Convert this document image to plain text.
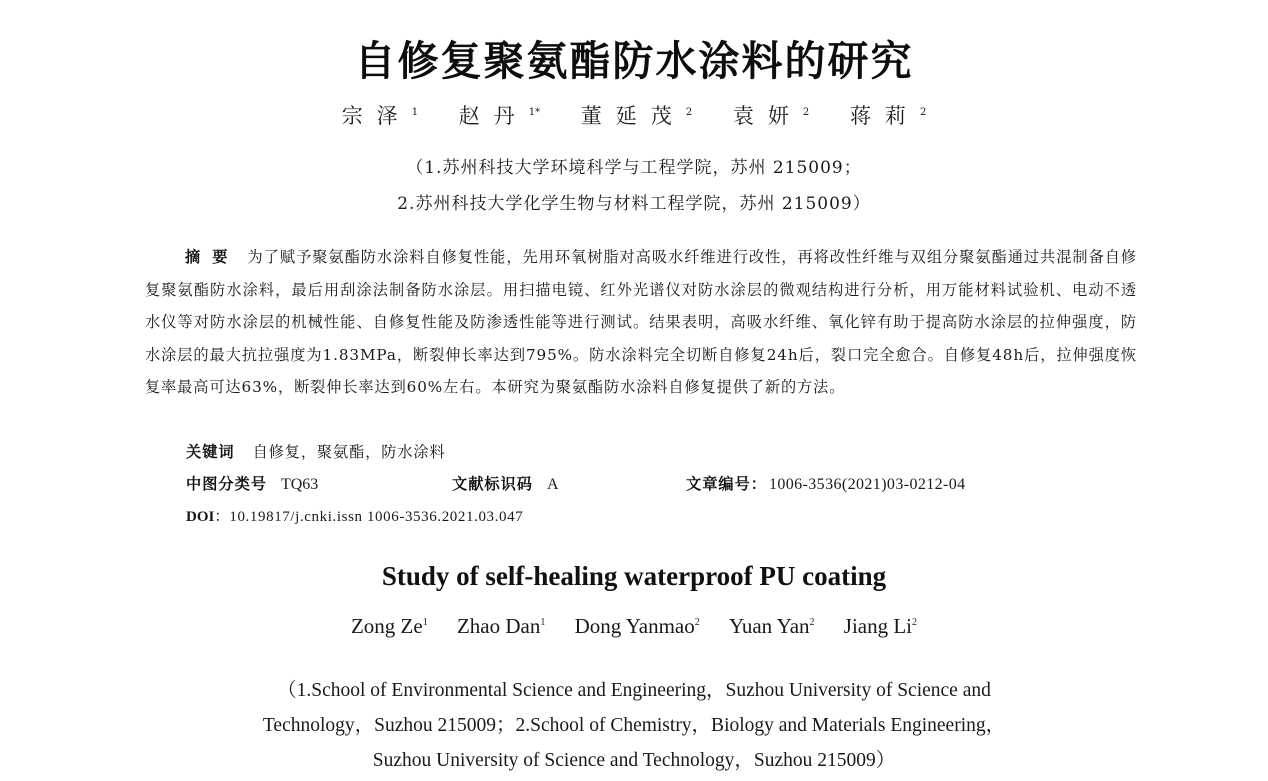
自修复聚氨酯防水涂料的研究
宗泽$^1$ 赵丹$^{1*}$ 董延茂$^2$ 袁妍$^2$ 蒋莉$^2$
（1.苏州科技大学环境科学与工程学院，苏州 215009；
2.苏州科技大学化学生物与材料工程学院，苏州 215009）

摘要 为了赋予聚氨酯防水涂料自修复性能，先用环氧树脂对高吸水纤维进行改性，再将改性纤维与双组分聚氨酯通过共混制备自修复聚氨酯防水涂料，最后用刮涂法制备防水涂层。用扫描电镜、红外光谱仪对防水涂层的微观结构进行分析，用万能材料试验机、电动不透水仪等对防水涂层的机械性能、自修复性能及防渗透性能等进行测试。结果表明，高吸水纤维、氧化锌有助于提高防水涂层的拉伸强度，防水涂层的最大抗拉强度为1.83MPa，断裂伸长率达到795%。防水涂料完全切断自修复24h后，裂口完全愈合。自修复48h后，拉伸强度恢复率最高可达63%，断裂伸长率达到60%左右。本研究为聚氨酯防水涂料自修复提供了新的方法。

关键词 自修复，聚氨酯，防水涂料
中图分类号 TQ63	文献标识码 A	文章编号： 1006-3536(2021)03-0212-04
DOI：10.19817/j.cnki.issn 1006-3536.2021.03.047
Study of self-healing waterproof PU coating
Zong Ze$^1$ Zhao Dan$^1$ Dong Yanmao$^2$ Yuan Yan$^2$ Jiang Li$^2$
（1.School of Environmental Science and Engineering，Suzhou University of Science and
Technology，Suzhou 215009；2.School of Chemistry，Biology and Materials Engineering，
Suzhou University of Science and Technology，Suzhou 215009）
